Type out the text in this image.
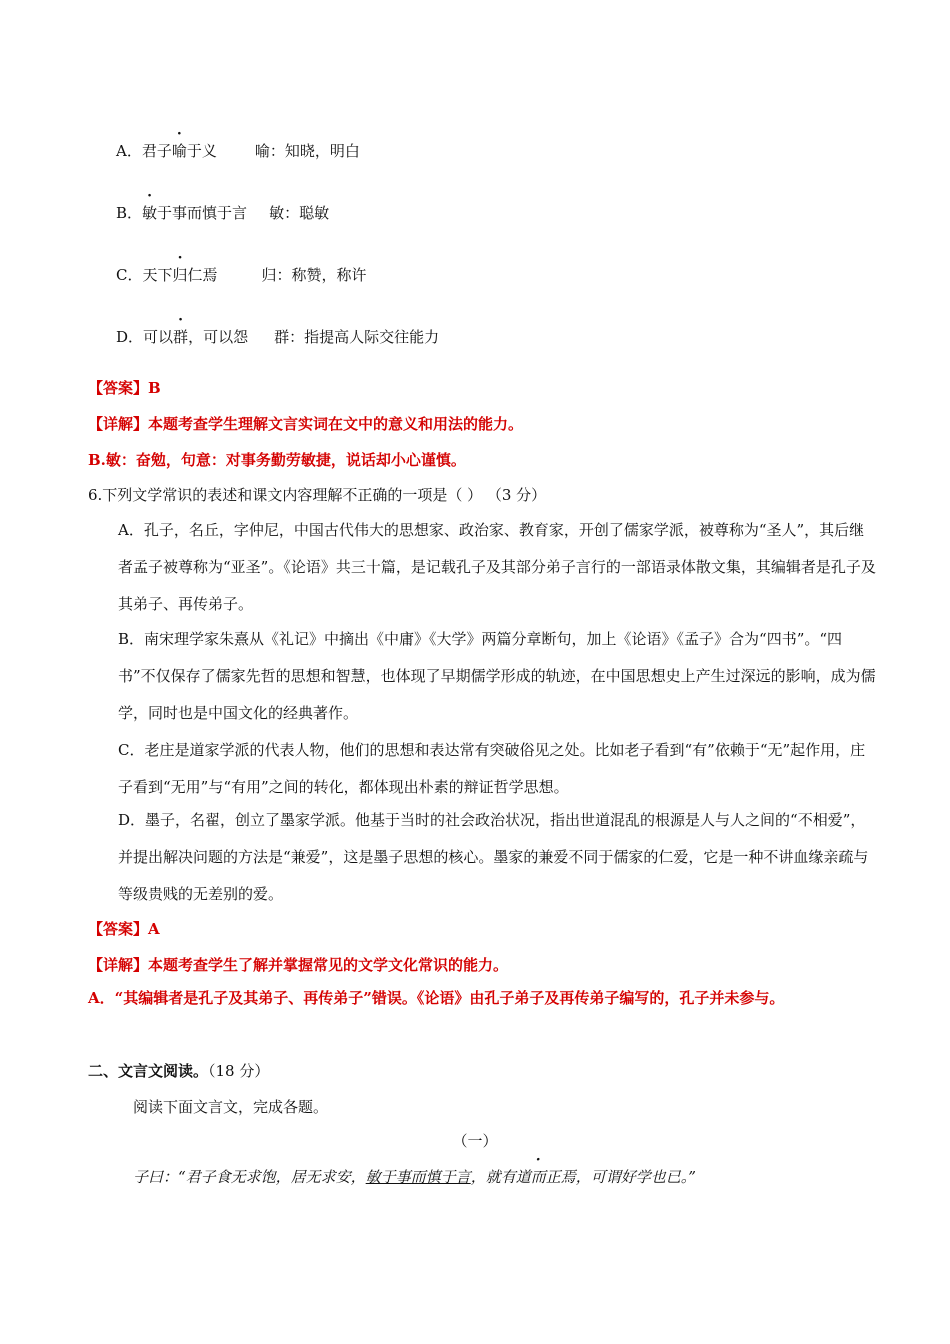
A．君子喻于义	喻：知晓，明白
B．敏于事而慎于言 敏：聪敏
C．天下归仁焉	归：称赞，称许
D．可以群，可以怨 群：指提高人际交往能力
【答案】B
【详解】本题考查学生理解文言实词在文中的意义和用法的能力。
B.敏：奋勉，句意：对事务勤劳敏捷，说话却小心谨慎。
6.下列文学常识的表述和课文内容理解不正确的一项是（ ） （3 分）
A．孔子，名丘，字仲尼，中国古代伟大的思想家、政治家、教育家，开创了儒家学派，被尊称为“圣人”，其后继者孟子被尊称为“亚圣”。《论语》共三十篇，是记载孔子及其部分弟子言行的一部语录体散文集，其编辑者是孔子及其弟子、再传弟子。
B．南宋理学家朱熹从《礼记》中摘出《中庸》《大学》两篇分章断句，加上《论语》《孟子》合为“四书”。“四书”不仅保存了儒家先哲的思想和智慧，也体现了早期儒学形成的轨迹，在中国思想史上产生过深远的影响，成为儒学，同时也是中国文化的经典著作。
C．老庄是道家学派的代表人物，他们的思想和表达常有突破俗见之处。比如老子看到“有”依赖于“无”起作用，庄子看到“无用”与“有用”之间的转化，都体现出朴素的辩证哲学思想。
D．墨子，名翟，创立了墨家学派。他基于当时的社会政治状况，指出世道混乱的根源是人与人之间的“不相爱”，并提出解决问题的方法是“兼爱”，这是墨子思想的核心。墨家的兼爱不同于儒家的仁爱，它是一种不讲血缘亲疏与等级贵贱的无差别的爱。
【答案】A
【详解】本题考查学生了解并掌握常见的文学文化常识的能力。
A．“其编辑者是孔子及其弟子、再传弟子”错误。《论语》由孔子弟子及再传弟子编写的，孔子并未参与。
二、文言文阅读。（18 分）
阅读下面文言文，完成各题。
（一）
子曰：“君子食无求饱，居无求安，敏于事而慎于言，就有道而正焉，可谓好学也已。”
